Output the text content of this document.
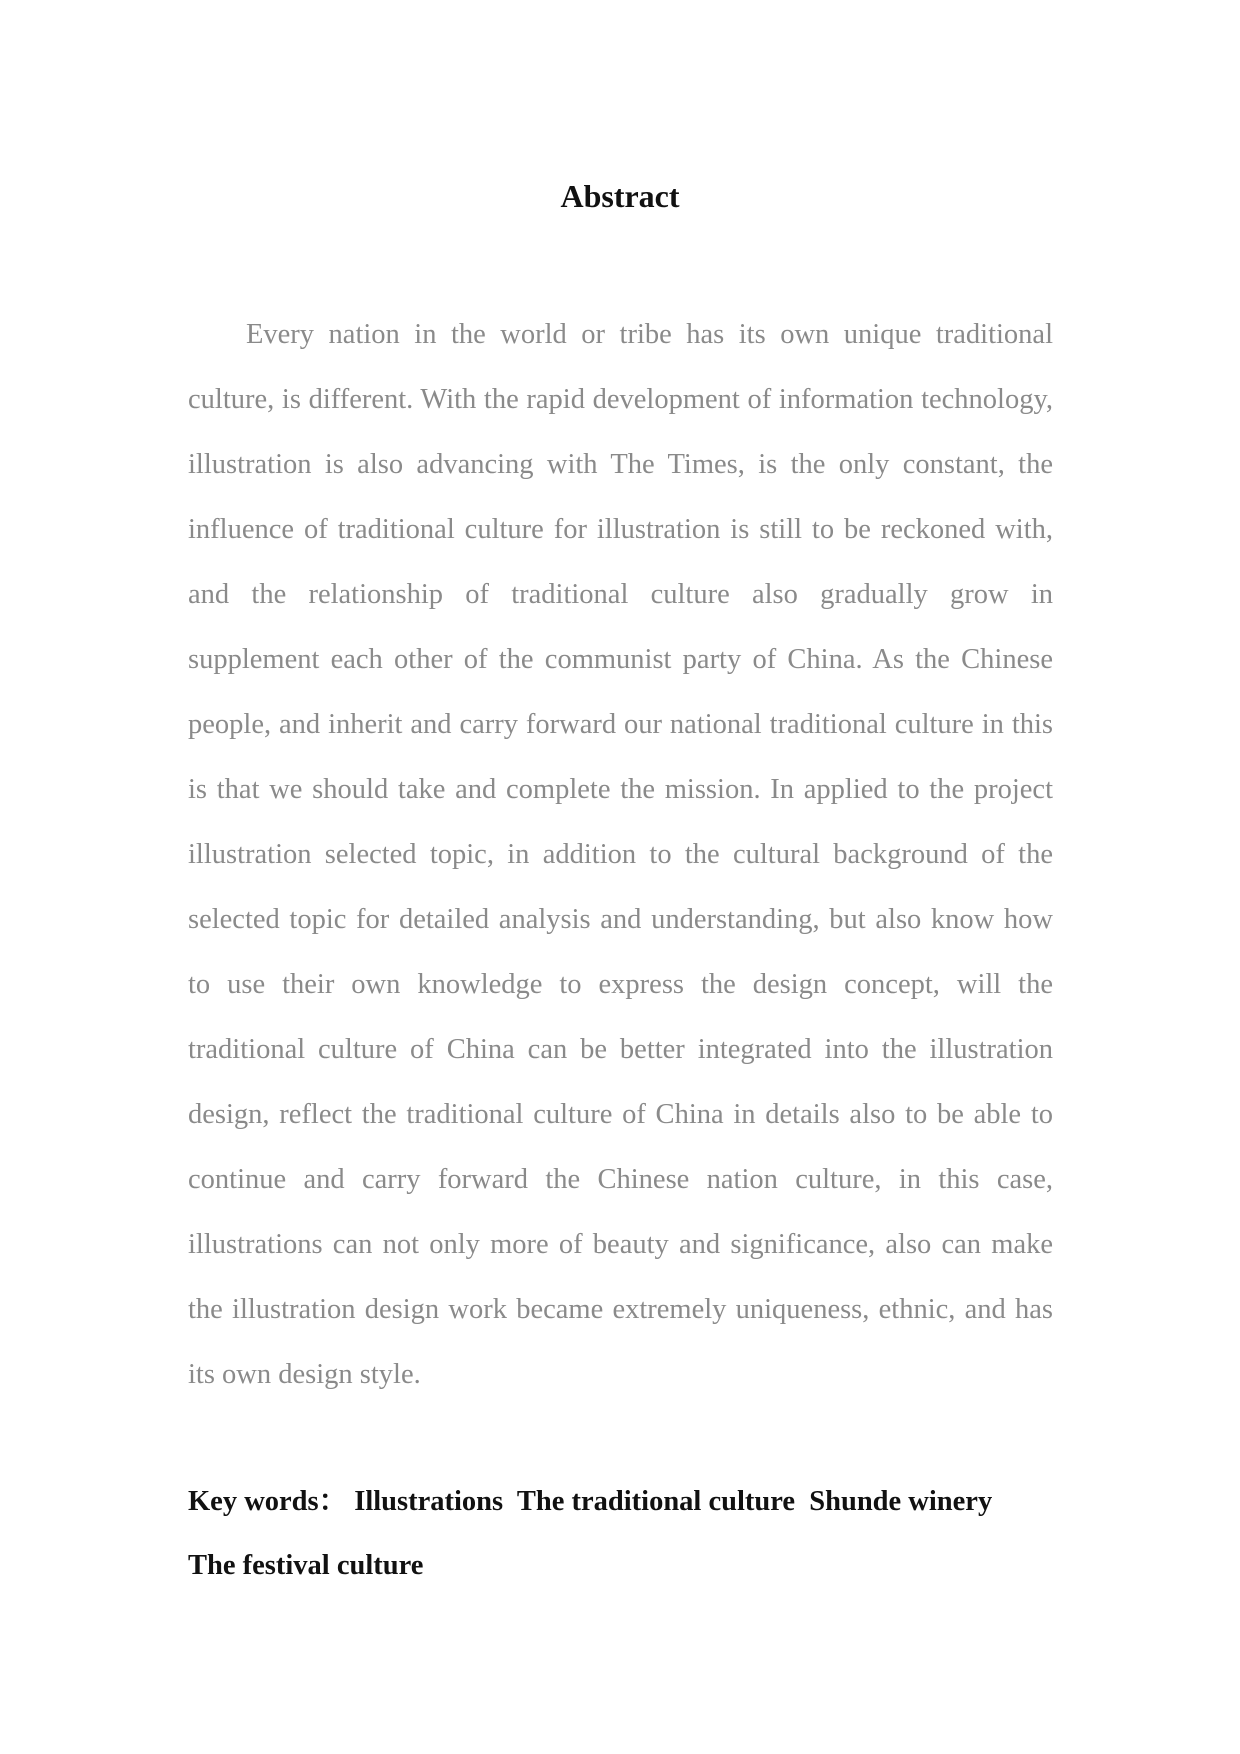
Abstract

Every nation in the world or tribe has its own unique traditional culture, is different. With the rapid development of information technology, illustration is also advancing with The Times, is the only constant, the influence of traditional culture for illustration is still to be reckoned with, and the relationship of traditional culture also gradually grow in supplement each other of the communist party of China. As the Chinese people, and inherit and carry forward our national traditional culture in this is that we should take and complete the mission. In applied to the project illustration selected topic, in addition to the cultural background of the selected topic for detailed analysis and understanding, but also know how to use their own knowledge to express the design concept, will the traditional culture of China can be better integrated into the illustration design, reflect the traditional culture of China in details also to be able to continue and carry forward the Chinese nation culture, in this case, illustrations can not only more of beauty and significance, also can make the illustration design work became extremely uniqueness, ethnic, and has its own design style.

Key words： Illustrations The traditional culture Shunde winery
The festival culture
